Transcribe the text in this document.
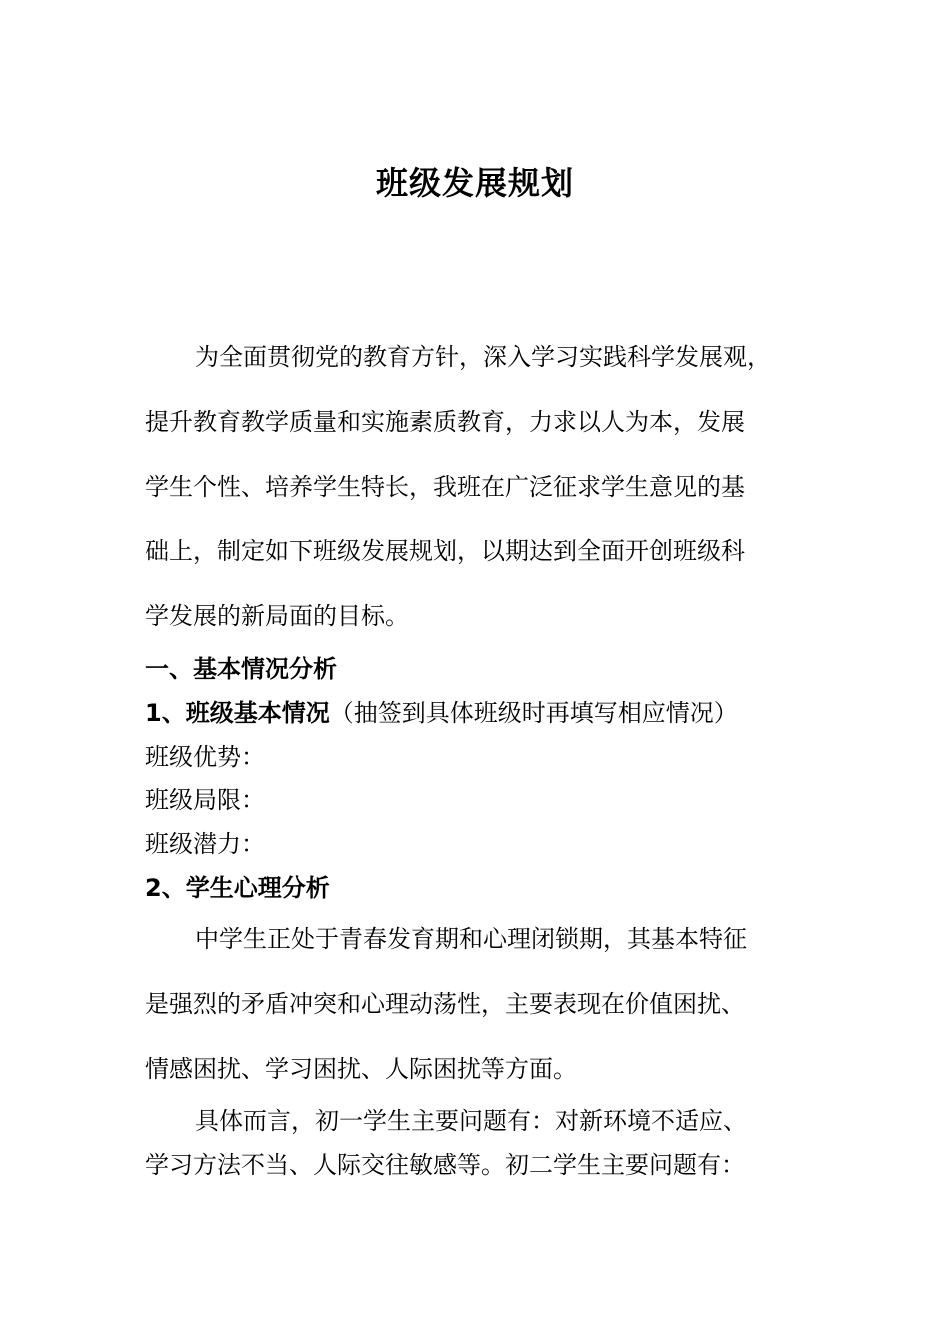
班级发展规划
为全面贯彻党的教育方针，深入学习实践科学发展观，
提升教育教学质量和实施素质教育，力求以人为本，发展
学生个性、培养学生特长，我班在广泛征求学生意见的基
础上，制定如下班级发展规划，以期达到全面开创班级科
学发展的新局面的目标。
一、基本情况分析
1、班级基本情况（抽签到具体班级时再填写相应情况）
班级优势：
班级局限：
班级潜力：
2、学生心理分析
中学生正处于青春发育期和心理闭锁期，其基本特征
是强烈的矛盾冲突和心理动荡性，主要表现在价值困扰、
情感困扰、学习困扰、人际困扰等方面。
具体而言，初一学生主要问题有：对新环境不适应、
学习方法不当、人际交往敏感等。初二学生主要问题有：
